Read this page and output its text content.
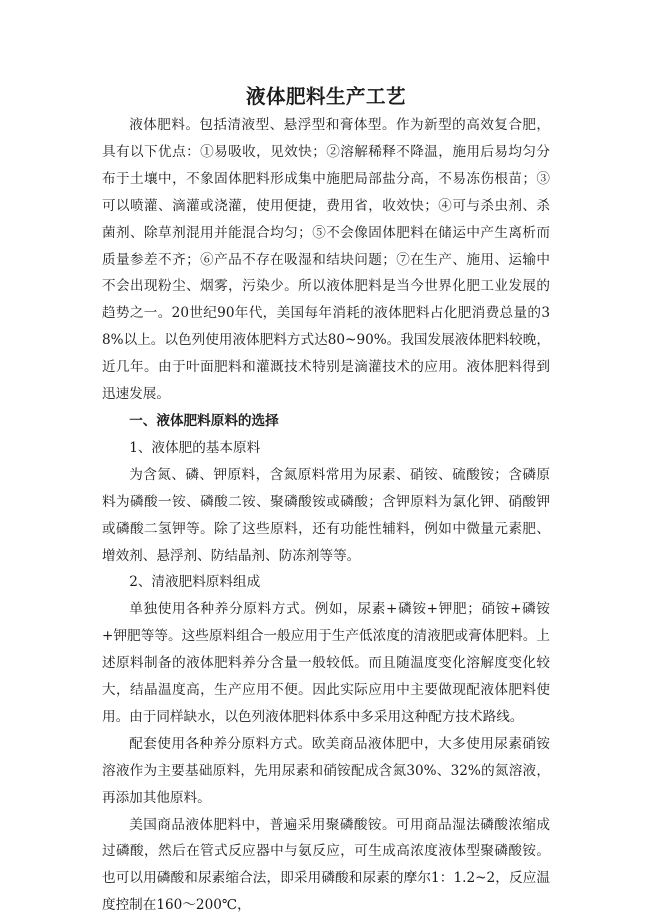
液体肥料生产工艺

液体肥料。包括清液型、悬浮型和膏体型。作为新型的高效复合肥，具有以下优点：①易吸收，见效快；②溶解稀释不降温，施用后易均匀分布于土壤中，不象固体肥料形成集中施肥局部盐分高，不易冻伤根苗；③可以喷灌、滴灌或浇灌，使用便捷，费用省，收效快；④可与杀虫剂、杀菌剂、除草剂混用并能混合均匀；⑤不会像固体肥料在储运中产生离析而质量参差不齐；⑥产品不存在吸湿和结块问题；⑦在生产、施用、运输中不会出现粉尘、烟雾，污染少。所以液体肥料是当今世界化肥工业发展的趋势之一。20世纪90年代，美国每年消耗的液体肥料占化肥消费总量的38%以上。以色列使用液体肥料方式达80~90%。我国发展液体肥料较晚，近几年。由于叶面肥料和灌溉技术特别是滴灌技术的应用。液体肥料得到迅速发展。

一、液体肥料原料的选择

1、液体肥的基本原料

为含氮、磷、钾原料，含氮原料常用为尿素、硝铵、硫酸铵；含磷原料为磷酸一铵、磷酸二铵、聚磷酸铵或磷酸；含钾原料为氯化钾、硝酸钾或磷酸二氢钾等。除了这些原料，还有功能性辅料，例如中微量元素肥、增效剂、悬浮剂、防结晶剂、防冻剂等等。

2、清液肥料原料组成

单独使用各种养分原料方式。例如，尿素+磷铵+钾肥；硝铵+磷铵+钾肥等等。这些原料组合一般应用于生产低浓度的清液肥或膏体肥料。上述原料制备的液体肥料养分含量一般较低。而且随温度变化溶解度变化较大，结晶温度高，生产应用不便。因此实际应用中主要做现配液体肥料使用。由于同样缺水，以色列液体肥料体系中多采用这种配方技术路线。

配套使用各种养分原料方式。欧美商品液体肥中，大多使用尿素硝铵溶液作为主要基础原料，先用尿素和硝铵配成含氮30%、32%的氮溶液，再添加其他原料。

美国商品液体肥料中，普遍采用聚磷酸铵。可用商品湿法磷酸浓缩成过磷酸，然后在管式反应器中与氨反应，可生成高浓度液体型聚磷酸铵。也可以用磷酸和尿素缩合法，即采用磷酸和尿素的摩尔1：1.2~2，反应温度控制在160～200℃，
